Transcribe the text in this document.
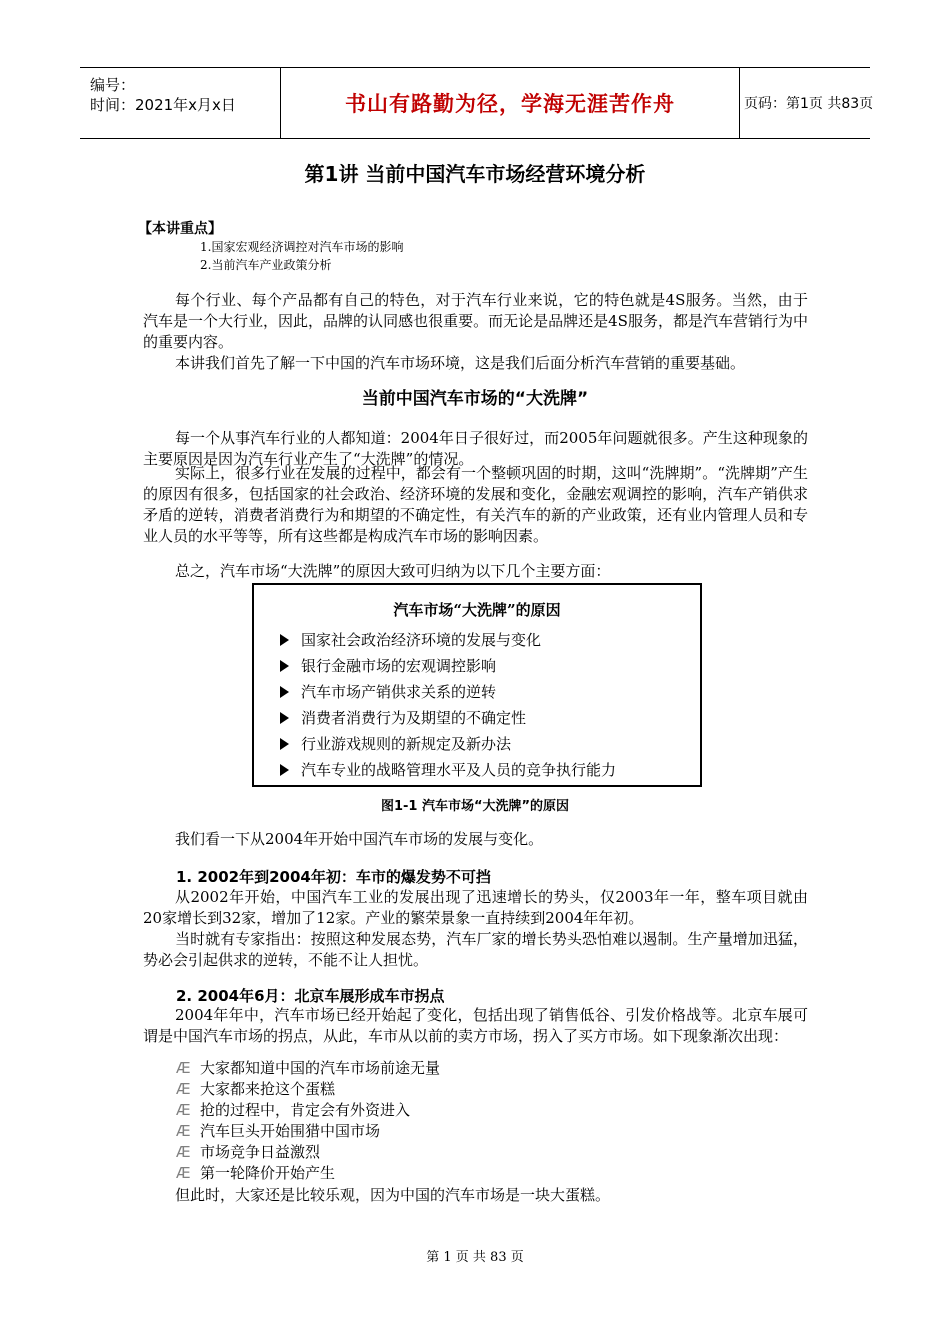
编号：
时间：2021年x月x日	书山有路勤为径，学海无涯苦作舟	页码：第1页 共83页
第1讲 当前中国汽车市场经营环境分析
【本讲重点】
1.国家宏观经济调控对汽车市场的影响
2.当前汽车产业政策分析

每个行业、每个产品都有自己的特色，对于汽车行业来说，它的特色就是4S服务。当然，由于汽车是一个大行业，因此，品牌的认同感也很重要。而无论是品牌还是4S服务，都是汽车营销行为中的重要内容。

本讲我们首先了解一下中国的汽车市场环境，这是我们后面分析汽车营销的重要基础。

当前中国汽车市场的“大洗牌”

每一个从事汽车行业的人都知道：2004年日子很好过，而2005年问题就很多。产生这种现象的主要原因是因为汽车行业产生了“大洗牌”的情况。

实际上，很多行业在发展的过程中，都会有一个整顿巩固的时期，这叫“洗牌期”。“洗牌期”产生的原因有很多，包括国家的社会政治、经济环境的发展和变化，金融宏观调控的影响，汽车产销供求矛盾的逆转，消费者消费行为和期望的不确定性，有关汽车的新的产业政策，还有业内管理人员和专业人员的水平等等，所有这些都是构成汽车市场的影响因素。

总之，汽车市场“大洗牌”的原因大致可归纳为以下几个主要方面：

汽车市场“大洗牌”的原因
国家社会政治经济环境的发展与变化
银行金融市场的宏观调控影响
汽车市场产销供求关系的逆转
消费者消费行为及期望的不确定性
行业游戏规则的新规定及新办法
汽车专业的战略管理水平及人员的竞争执行能力
图1-1 汽车市场“大洗牌”的原因

我们看一下从2004年开始中国汽车市场的发展与变化。

1. 2002年到2004年初：车市的爆发势不可挡

从2002年开始，中国汽车工业的发展出现了迅速增长的势头，仅2003年一年，整车项目就由20家增长到32家，增加了12家。产业的繁荣景象一直持续到2004年年初。

当时就有专家指出：按照这种发展态势，汽车厂家的增长势头恐怕难以遏制。生产量增加迅猛，势必会引起供求的逆转，不能不让人担忧。

2. 2004年6月：北京车展形成车市拐点

2004年年中，汽车市场已经开始起了变化，包括出现了销售低谷、引发价格战等。北京车展可谓是中国汽车市场的拐点，从此，车市从以前的卖方市场，拐入了买方市场。如下现象渐次出现：

Æ 大家都知道中国的汽车市场前途无量
Æ 大家都来抢这个蛋糕
Æ 抢的过程中，肯定会有外资进入
Æ 汽车巨头开始围猎中国市场
Æ 市场竞争日益激烈
Æ 第一轮降价开始产生

但此时，大家还是比较乐观，因为中国的汽车市场是一块大蛋糕。

第 1 页 共 83 页
